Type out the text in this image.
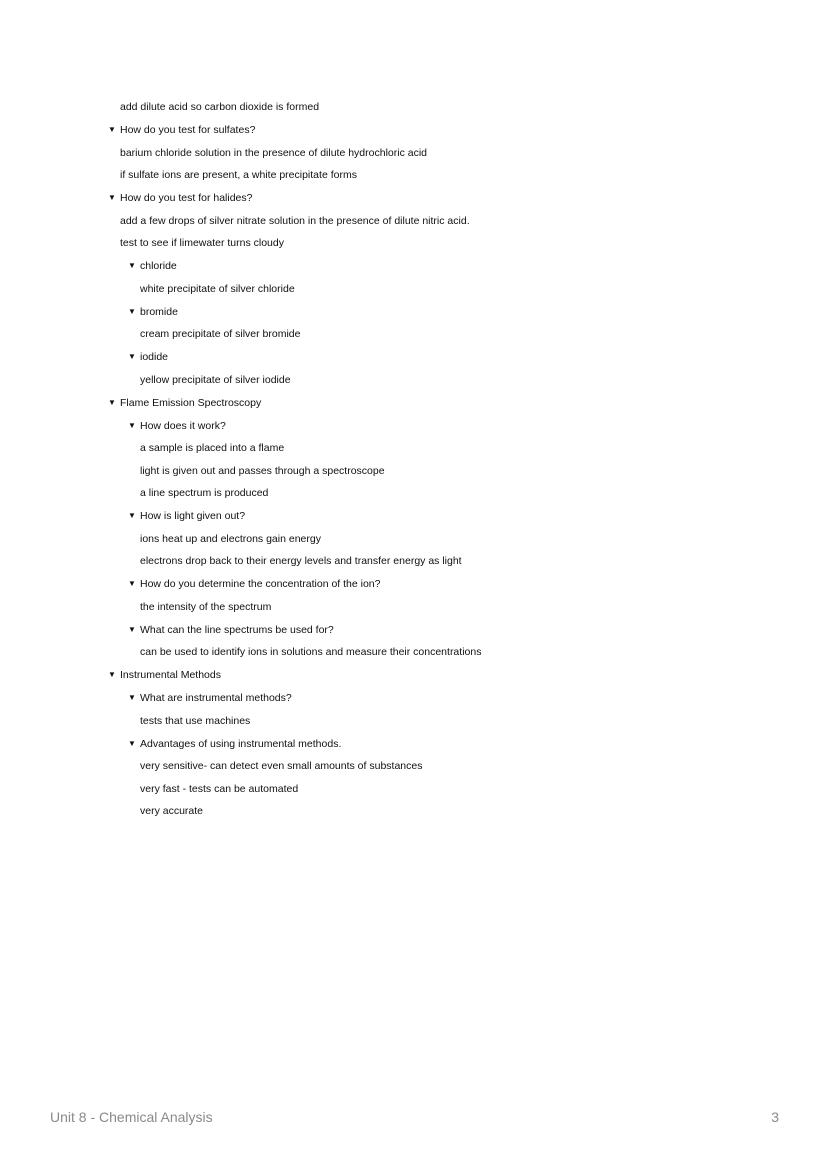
add dilute acid so carbon dioxide is formed
▼ How do you test for sulfates?
barium chloride solution in the presence of dilute hydrochloric acid
if sulfate ions are present, a white precipitate forms
▼ How do you test for halides?
add a few drops of silver nitrate solution in the presence of dilute nitric acid.
test to see if limewater turns cloudy
▼ chloride
white precipitate of silver chloride
▼ bromide
cream precipitate of silver bromide
▼ iodide
yellow precipitate of silver iodide
▼ Flame Emission Spectroscopy
▼ How does it work?
a sample is placed into a flame
light is given out and passes through a spectroscope
a line spectrum is produced
▼ How is light given out?
ions heat up and electrons gain energy
electrons drop back to their energy levels and transfer energy as light
▼ How do you determine the concentration of the ion?
the intensity of the spectrum
▼ What can the line spectrums be used for?
can be used to identify ions in solutions and measure their concentrations
▼ Instrumental Methods
▼ What are instrumental methods?
tests that use machines
▼ Advantages of using instrumental methods.
very sensitive- can detect even small amounts of substances
very fast - tests can be automated
very accurate
Unit 8 - Chemical Analysis	3
